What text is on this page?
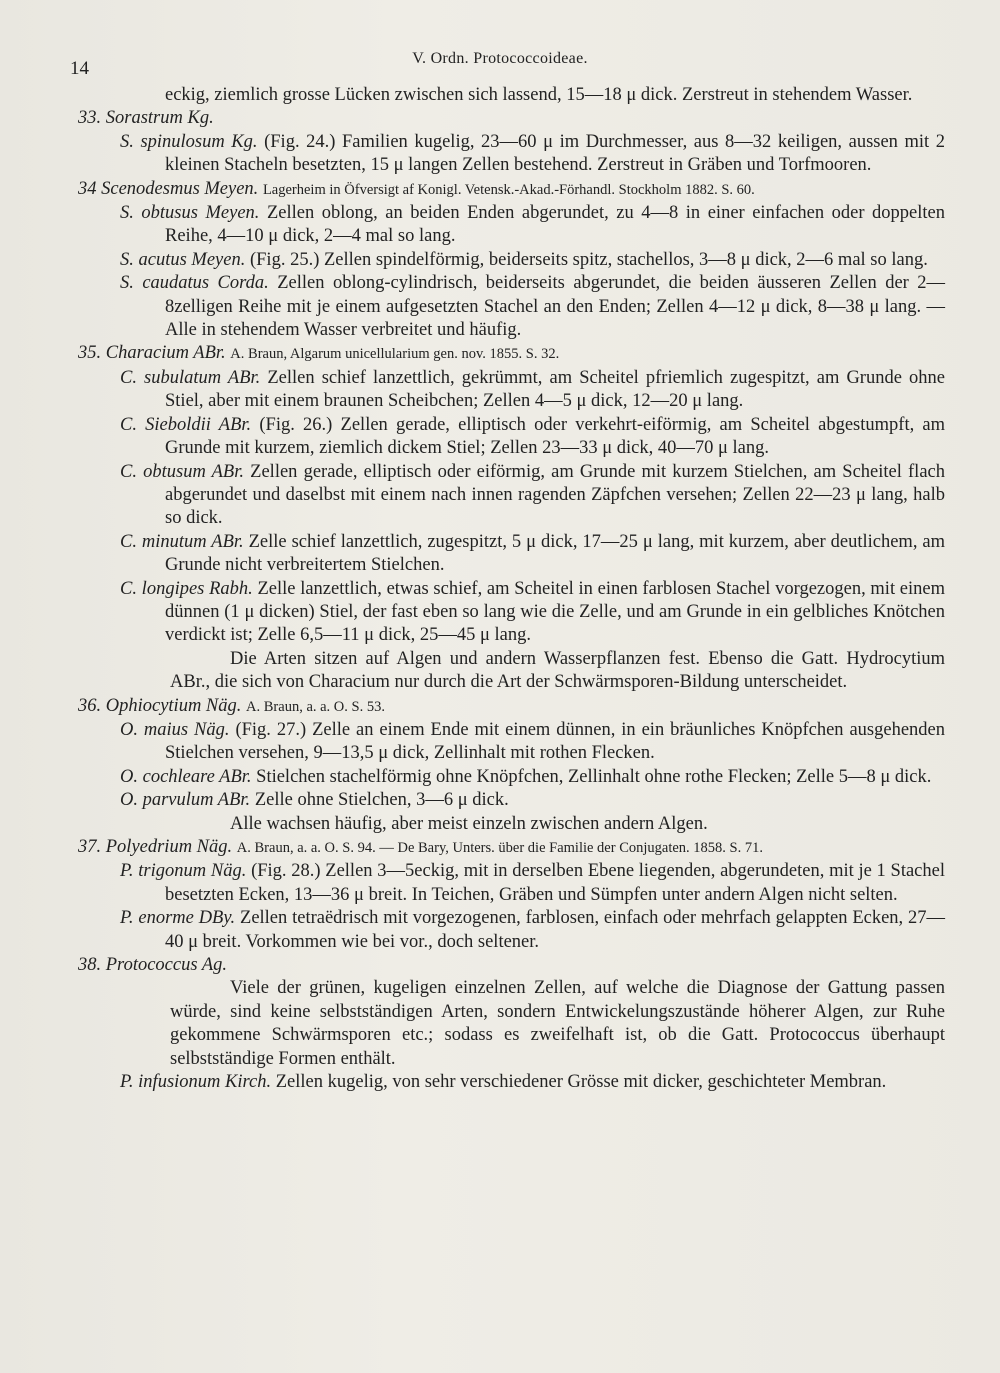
14	V. Ordn. Protococcoideae.
eckig, ziemlich grosse Lücken zwischen sich lassend, 15—18 μ dick. Zerstreut in stehendem Wasser.
33. Sorastrum Kg.
S. spinulosum Kg. (Fig. 24.) Familien kugelig, 23—60 μ im Durchmesser, aus 8—32 keiligen, aussen mit 2 kleinen Stacheln besetzten, 15 μ langen Zellen bestehend. Zerstreut in Gräben und Torfmooren.
34 Scenodesmus Meyen. Lagerheim in Öfversigt af Konigl. Vetensk.-Akad.-Förhandl. Stockholm 1882. S. 60.
S. obtusus Meyen. Zellen oblong, an beiden Enden abgerundet, zu 4—8 in einer einfachen oder doppelten Reihe, 4—10 μ dick, 2—4 mal so lang.
S. acutus Meyen. (Fig. 25.) Zellen spindelförmig, beiderseits spitz, stachellos, 3—8 μ dick, 2—6 mal so lang.
S. caudatus Corda. Zellen oblong-cylindrisch, beiderseits abgerundet, die beiden äusseren Zellen der 2—8zelligen Reihe mit je einem aufgesetzten Stachel an den Enden; Zellen 4—12 μ dick, 8—38 μ lang. — Alle in stehendem Wasser verbreitet und häufig.
35. Characium ABr. A. Braun, Algarum unicellularium gen. nov. 1855. S. 32.
C. subulatum ABr. Zellen schief lanzettlich, gekrümmt, am Scheitel pfriemlich zugespitzt, am Grunde ohne Stiel, aber mit einem braunen Scheibchen; Zellen 4—5 μ dick, 12—20 μ lang.
C. Sieboldii ABr. (Fig. 26.) Zellen gerade, elliptisch oder verkehrt-eiförmig, am Scheitel abgestumpft, am Grunde mit kurzem, ziemlich dickem Stiel; Zellen 23—33 μ dick, 40—70 μ lang.
C. obtusum ABr. Zellen gerade, elliptisch oder eiförmig, am Grunde mit kurzem Stielchen, am Scheitel flach abgerundet und daselbst mit einem nach innen ragenden Zäpfchen versehen; Zellen 22—23 μ lang, halb so dick.
C. minutum ABr. Zelle schief lanzettlich, zugespitzt, 5 μ dick, 17—25 μ lang, mit kurzem, aber deutlichem, am Grunde nicht verbreitertem Stielchen.
C. longipes Rabh. Zelle lanzettlich, etwas schief, am Scheitel in einen farblosen Stachel vorgezogen, mit einem dünnen (1 μ dicken) Stiel, der fast eben so lang wie die Zelle, und am Grunde in ein gelbliches Knötchen verdickt ist; Zelle 6,5—11 μ dick, 25—45 μ lang.
Die Arten sitzen auf Algen und andern Wasserpflanzen fest. Ebenso die Gatt. Hydrocytium ABr., die sich von Characium nur durch die Art der Schwärmsporen-Bildung unterscheidet.
36. Ophiocytium Näg. A. Braun, a. a. O. S. 53.
O. maius Näg. (Fig. 27.) Zelle an einem Ende mit einem dünnen, in ein bräunliches Knöpfchen ausgehenden Stielchen versehen, 9—13,5 μ dick, Zellinhalt mit rothen Flecken.
O. cochleare ABr. Stielchen stachelförmig ohne Knöpfchen, Zellinhalt ohne rothe Flecken; Zelle 5—8 μ dick.
O. parvulum ABr. Zelle ohne Stielchen, 3—6 μ dick.
Alle wachsen häufig, aber meist einzeln zwischen andern Algen.
37. Polyedrium Näg. A. Braun, a. a. O. S. 94. — De Bary, Unters. über die Familie der Conjugaten. 1858. S. 71.
P. trigonum Näg. (Fig. 28.) Zellen 3—5eckig, mit in derselben Ebene liegenden, abgerundeten, mit je 1 Stachel besetzten Ecken, 13—36 μ breit. In Teichen, Gräben und Sümpfen unter andern Algen nicht selten.
P. enorme DBy. Zellen tetraëdrisch mit vorgezogenen, farblosen, einfach oder mehrfach gelappten Ecken, 27—40 μ breit. Vorkommen wie bei vor., doch seltener.
38. Protococcus Ag.
Viele der grünen, kugeligen einzelnen Zellen, auf welche die Diagnose der Gattung passen würde, sind keine selbstständigen Arten, sondern Entwickelungszustände höherer Algen, zur Ruhe gekommene Schwärmsporen etc.; sodass es zweifelhaft ist, ob die Gatt. Protococcus überhaupt selbstständige Formen enthält.
P. infusionum Kirch. Zellen kugelig, von sehr verschiedener Grösse mit dicker, geschichteter Membran.
